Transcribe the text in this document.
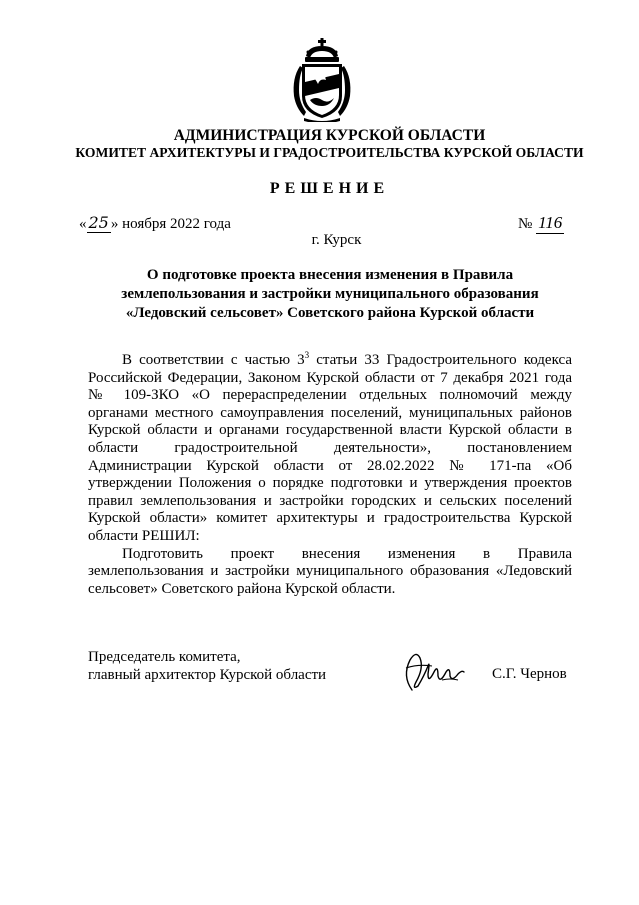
АДМИНИСТРАЦИЯ КУРСКОЙ ОБЛАСТИ
КОМИТЕТ АРХИТЕКТУРЫ И ГРАДОСТРОИТЕЛЬСТВА КУРСКОЙ ОБЛАСТИ
РЕШЕНИЕ
« 25 » ноября 2022 года	№ 116
г. Курск
О подготовке проекта внесения изменения в Правила землепользования и застройки муниципального образования «Ледовский сельсовет» Советского района Курской области

В соответствии с частью $3^3$ статьи 33 Градостроительного кодекса Российской Федерации, Законом Курской области от 7 декабря 2021 года № 109-ЗКО «О перераспределении отдельных полномочий между органами местного самоуправления поселений, муниципальных районов Курской области и органами государственной власти Курской области в области градостроительной деятельности», постановлением Администрации Курской области от 28.02.2022 № 171-па «Об утверждении Положения о порядке подготовки и утверждения проектов правил землепользования и застройки городских и сельских поселений Курской области» комитет архитектуры и градостроительства Курской области РЕШИЛ:

Подготовить проект внесения изменения в Правила землепользования и застройки муниципального образования «Ледовский сельсовет» Советского района Курской области.

Председатель комитета,
главный архитектор Курской области	С.Г. Чернов
